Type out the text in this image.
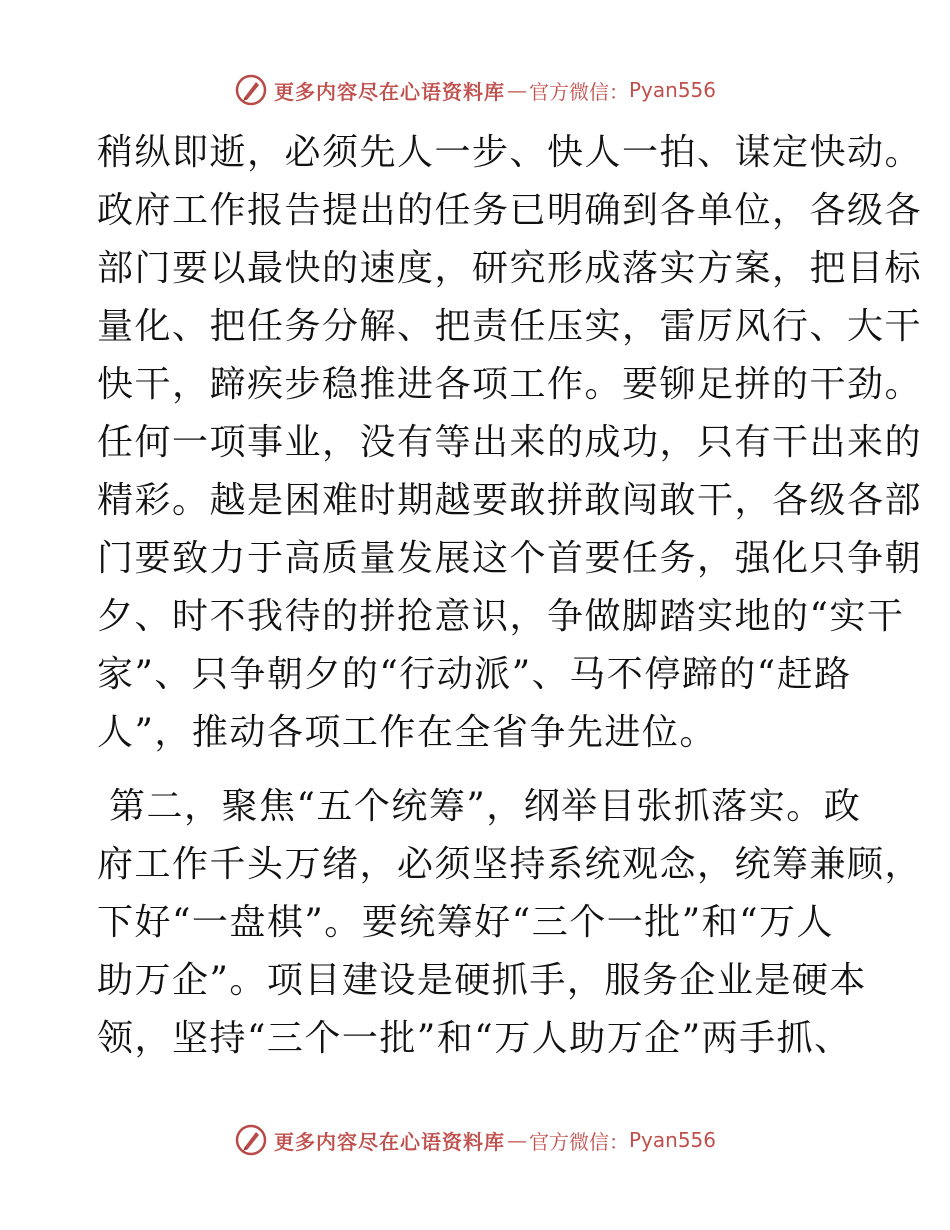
更多内容尽在心语资料库 — 官方微信： Pyan556
稍纵即逝，必须先人一步、快人一拍、谋定快动。
政府工作报告提出的任务已明确到各单位，各级各
部门要以最快的速度，研究形成落实方案，把目标
量化、把任务分解、把责任压实，雷厉风行、大干
快干，蹄疾步稳推进各项工作。要铆足拼的干劲。
任何一项事业，没有等出来的成功，只有干出来的
精彩。越是困难时期越要敢拼敢闯敢干，各级各部
门要致力于高质量发展这个首要任务，强化只争朝
夕、时不我待的拼抢意识，争做脚踏实地的“实干
家”、只争朝夕的“行动派”、马不停蹄的“赶路
人”，推动各项工作在全省争先进位。
第二，聚焦“五个统筹”，纲举目张抓落实。政
府工作千头万绪，必须坚持系统观念，统筹兼顾，
下好“一盘棋”。要统筹好“三个一批”和“万人
助万企”。项目建设是硬抓手，服务企业是硬本
领，坚持“三个一批”和“万人助万企”两手抓、
更多内容尽在心语资料库 — 官方微信： Pyan556
